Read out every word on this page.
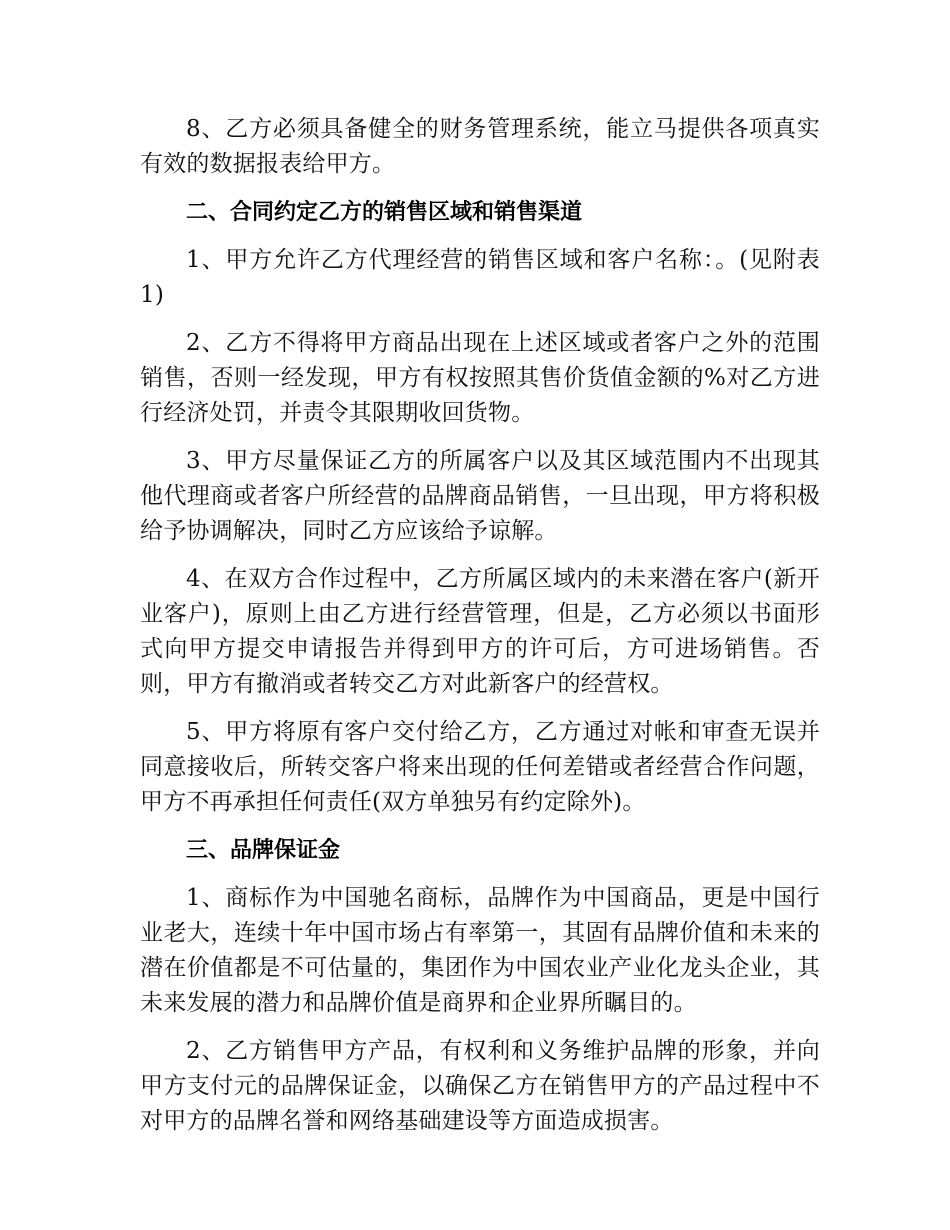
8、乙方必须具备健全的财务管理系统，能立马提供各项真实有效的数据报表给甲方。

二、合同约定乙方的销售区域和销售渠道

1、甲方允许乙方代理经营的销售区域和客户名称：。(见附表1)

2、乙方不得将甲方商品出现在上述区域或者客户之外的范围销售，否则一经发现，甲方有权按照其售价货值金额的%对乙方进行经济处罚，并责令其限期收回货物。

3、甲方尽量保证乙方的所属客户以及其区域范围内不出现其他代理商或者客户所经营的品牌商品销售，一旦出现，甲方将积极给予协调解决，同时乙方应该给予谅解。

4、在双方合作过程中，乙方所属区域内的未来潜在客户(新开业客户)，原则上由乙方进行经营管理，但是，乙方必须以书面形式向甲方提交申请报告并得到甲方的许可后，方可进场销售。否则，甲方有撤消或者转交乙方对此新客户的经营权。

5、甲方将原有客户交付给乙方，乙方通过对帐和审查无误并同意接收后，所转交客户将来出现的任何差错或者经营合作问题，甲方不再承担任何责任(双方单独另有约定除外)。

三、品牌保证金

1、商标作为中国驰名商标，品牌作为中国商品，更是中国行业老大，连续十年中国市场占有率第一，其固有品牌价值和未来的潜在价值都是不可估量的，集团作为中国农业产业化龙头企业，其未来发展的潜力和品牌价值是商界和企业界所瞩目的。

2、乙方销售甲方产品，有权利和义务维护品牌的形象，并向甲方支付元的品牌保证金，以确保乙方在销售甲方的产品过程中不对甲方的品牌名誉和网络基础建设等方面造成损害。
